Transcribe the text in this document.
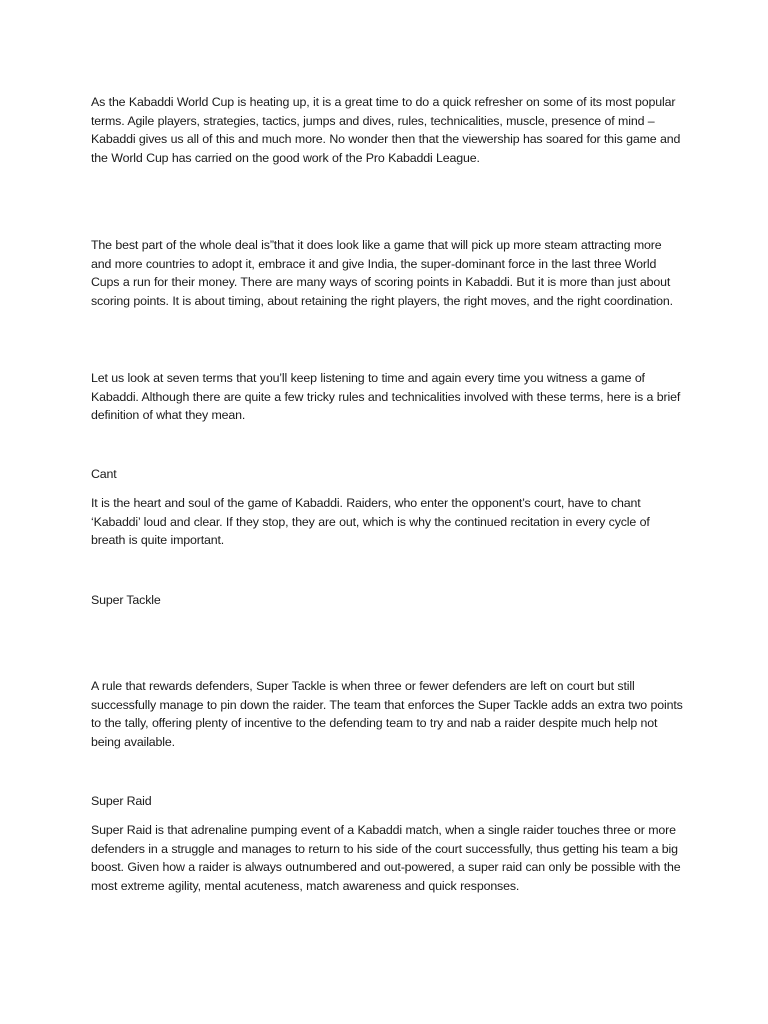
As the Kabaddi World Cup is heating up, it is a great time to do a quick refresher on some of its most popular terms. Agile players, strategies, tactics, jumps and dives, rules, technicalities, muscle, presence of mind – Kabaddi gives us all of this and much more. No wonder then that the viewership has soared for this game and the World Cup has carried on the good work of the Pro Kabaddi League.

The best part of the whole deal is”that it does look like a game that will pick up more steam attracting more and more countries to adopt it, embrace it and give India, the super-dominant force in the last three World Cups a run for their money. There are many ways of scoring points in Kabaddi. But it is more than just about scoring points. It is about timing, about retaining the right players, the right moves, and the right coordination.

Let us look at seven terms that you’ll keep listening to time and again every time you witness a game of Kabaddi. Although there are quite a few tricky rules and technicalities involved with these terms, here is a brief definition of what they mean.

Cant

It is the heart and soul of the game of Kabaddi. Raiders, who enter the opponent’s court, have to chant ‘Kabaddi’ loud and clear. If they stop, they are out, which is why the continued recitation in every cycle of breath is quite important.

Super Tackle

A rule that rewards defenders, Super Tackle is when three or fewer defenders are left on court but still successfully manage to pin down the raider. The team that enforces the Super Tackle adds an extra two points to the tally, offering plenty of incentive to the defending team to try and nab a raider despite much help not being available.

Super Raid

Super Raid is that adrenaline pumping event of a Kabaddi match, when a single raider touches three or more defenders in a struggle and manages to return to his side of the court successfully, thus getting his team a big boost. Given how a raider is always outnumbered and out-powered, a super raid can only be possible with the most extreme agility, mental acuteness, match awareness and quick responses.
